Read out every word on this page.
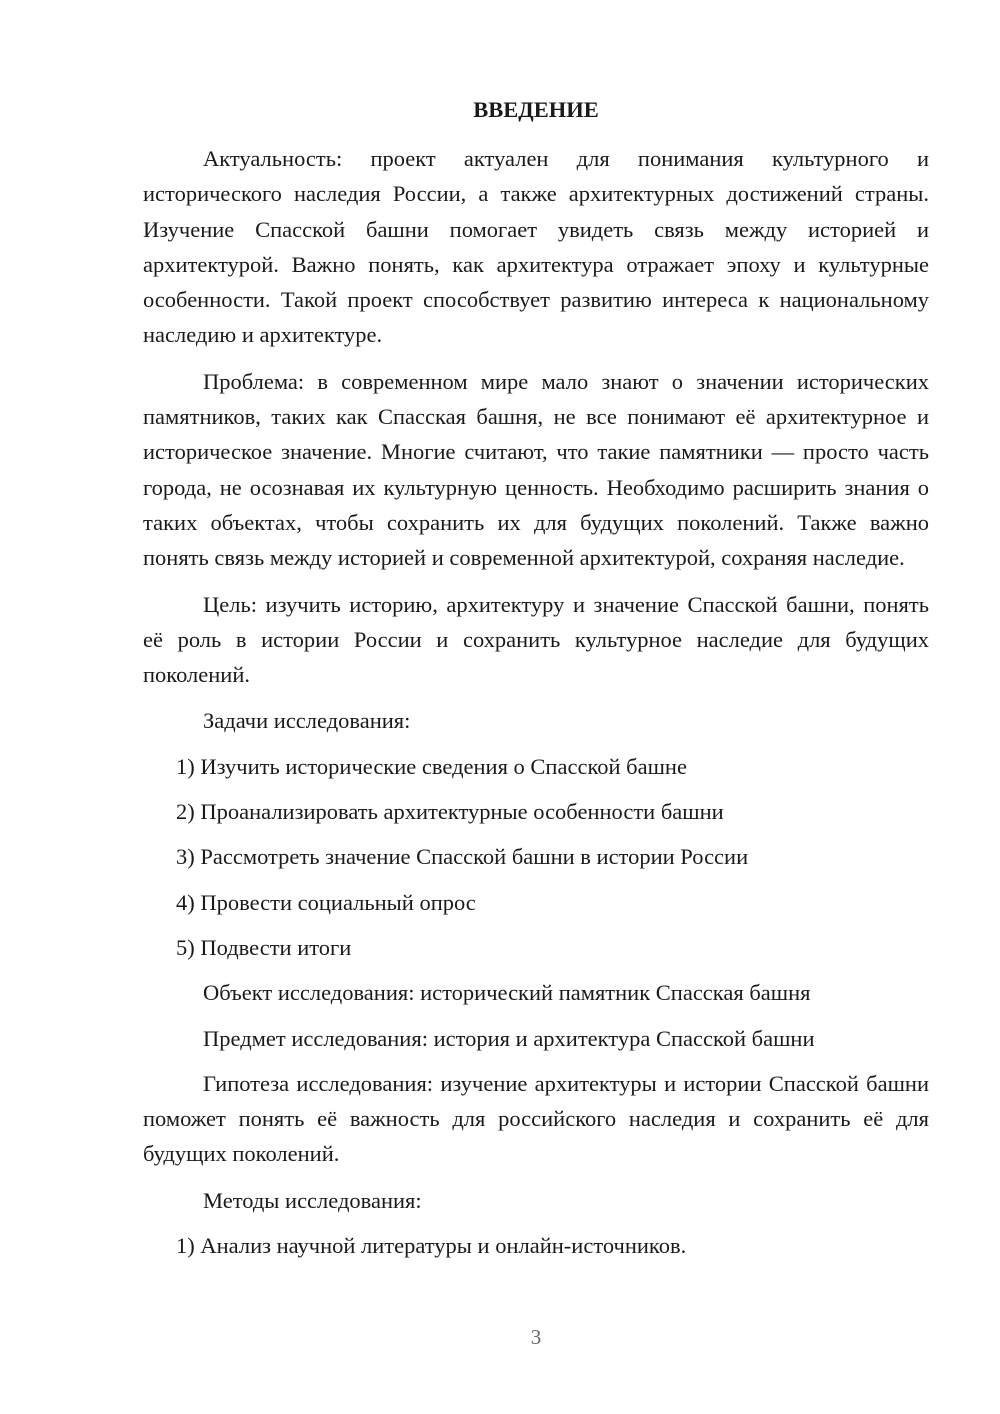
ВВЕДЕНИЕ

Актуальность: проект актуален для понимания культурного и исторического наследия России, а также архитектурных достижений страны. Изучение Спасской башни помогает увидеть связь между историей и архитектурой. Важно понять, как архитектура отражает эпоху и культурные особенности. Такой проект способствует развитию интереса к национальному наследию и архитектуре.

Проблема: в современном мире мало знают о значении исторических памятников, таких как Спасская башня, не все понимают её архитектурное и историческое значение. Многие считают, что такие памятники — просто часть города, не осознавая их культурную ценность. Необходимо расширить знания о таких объектах, чтобы сохранить их для будущих поколений. Также важно понять связь между историей и современной архитектурой, сохраняя наследие.

Цель: изучить историю, архитектуру и значение Спасской башни, понять её роль в истории России и сохранить культурное наследие для будущих поколений.

Задачи исследования:

1) Изучить исторические сведения о Спасской башне

2) Проанализировать архитектурные особенности башни

3) Рассмотреть значение Спасской башни в истории России

4) Провести социальный опрос

5) Подвести итоги

Объект исследования: исторический памятник Спасская башня

Предмет исследования: история и архитектура Спасской башни

Гипотеза исследования: изучение архитектуры и истории Спасской башни поможет понять её важность для российского наследия и сохранить её для будущих поколений.

Методы исследования:

1) Анализ научной литературы и онлайн-источников.

3
